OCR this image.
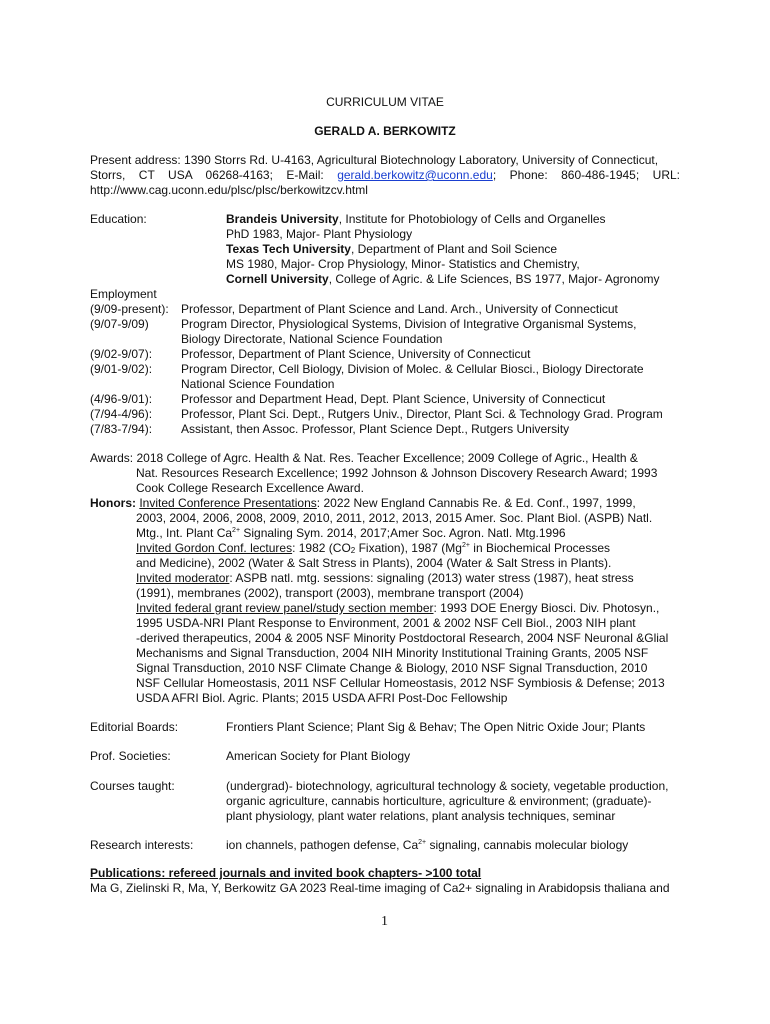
CURRICULUM VITAE
GERALD A. BERKOWITZ
Present address: 1390 Storrs Rd. U-4163, Agricultural Biotechnology Laboratory, University of Connecticut,
Storrs, CT USA 06268-4163; E-Mail: gerald.berkowitz@uconn.edu; Phone: 860-486-1945; URL:
http://www.cag.uconn.edu/plsc/plsc/berkowitzcv.html
Education:	Brandeis University, Institute for Photobiology of Cells and Organelles
PhD 1983, Major- Plant Physiology
Texas Tech University, Department of Plant and Soil Science
MS 1980, Major- Crop Physiology, Minor- Statistics and Chemistry,
Cornell University, College of Agric. & Life Sciences, BS 1977, Major- Agronomy
Employment
(9/09-present): Professor, Department of Plant Science and Land. Arch., University of Connecticut
(9/07-9/09)	Program Director, Physiological Systems, Division of Integrative Organismal Systems,
Biology Directorate, National Science Foundation
(9/02-9/07): Professor, Department of Plant Science, University of Connecticut
(9/01-9/02): Program Director, Cell Biology, Division of Molec. & Cellular Biosci., Biology Directorate
National Science Foundation
(4/96-9/01): Professor and Department Head, Dept. Plant Science, University of Connecticut
(7/94-4/96): Professor, Plant Sci. Dept., Rutgers Univ., Director, Plant Sci. & Technology Grad. Program
(7/83-7/94): Assistant, then Assoc. Professor, Plant Science Dept., Rutgers University
Awards: 2018 College of Agrc. Health & Nat. Res. Teacher Excellence; 2009 College of Agric., Health &
Nat. Resources Research Excellence; 1992 Johnson & Johnson Discovery Research Award; 1993
Cook College Research Excellence Award.
Honors: Invited Conference Presentations: 2022 New England Cannabis Re. & Ed. Conf., 1997, 1999,
2003, 2004, 2006, 2008, 2009, 2010, 2011, 2012, 2013, 2015 Amer. Soc. Plant Biol. (ASPB) Natl.
Mtg., Int. Plant $Ca^{2+}$ Signaling Sym. 2014, 2017;Amer Soc. Agron. Natl. Mtg.1996
Invited Gordon Conf. lectures: 1982 ($CO_2$ Fixation), 1987 ($Mg^{2+}$ in Biochemical Processes
and Medicine), 2002 (Water & Salt Stress in Plants), 2004 (Water & Salt Stress in Plants).
Invited moderator: ASPB natl. mtg. sessions: signaling (2013) water stress (1987), heat stress
(1991), membranes (2002), transport (2003), membrane transport (2004)
Invited federal grant review panel/study section member: 1993 DOE Energy Biosci. Div. Photosyn.,
1995 USDA-NRI Plant Response to Environment, 2001 & 2002 NSF Cell Biol., 2003 NIH plant
-derived therapeutics, 2004 & 2005 NSF Minority Postdoctoral Research, 2004 NSF Neuronal &Glial
Mechanisms and Signal Transduction, 2004 NIH Minority Institutional Training Grants, 2005 NSF
Signal Transduction, 2010 NSF Climate Change & Biology, 2010 NSF Signal Transduction, 2010
NSF Cellular Homeostasis, 2011 NSF Cellular Homeostasis, 2012 NSF Symbiosis & Defense; 2013
USDA AFRI Biol. Agric. Plants; 2015 USDA AFRI Post-Doc Fellowship
Editorial Boards:	Frontiers Plant Science; Plant Sig & Behav; The Open Nitric Oxide Jour; Plants
Prof. Societies:	American Society for Plant Biology
Courses taught:	(undergrad)- biotechnology, agricultural technology & society, vegetable production,
organic agriculture, cannabis horticulture, agriculture & environment; (graduate)-
plant physiology, plant water relations, plant analysis techniques, seminar
Research interests:	ion channels, pathogen defense, $Ca^{2+}$ signaling, cannabis molecular biology
Publications: refereed journals and invited book chapters- >100 total
Ma G, Zielinski R, Ma, Y, Berkowitz GA 2023 Real-time imaging of Ca2+ signaling in Arabidopsis thaliana and
1
